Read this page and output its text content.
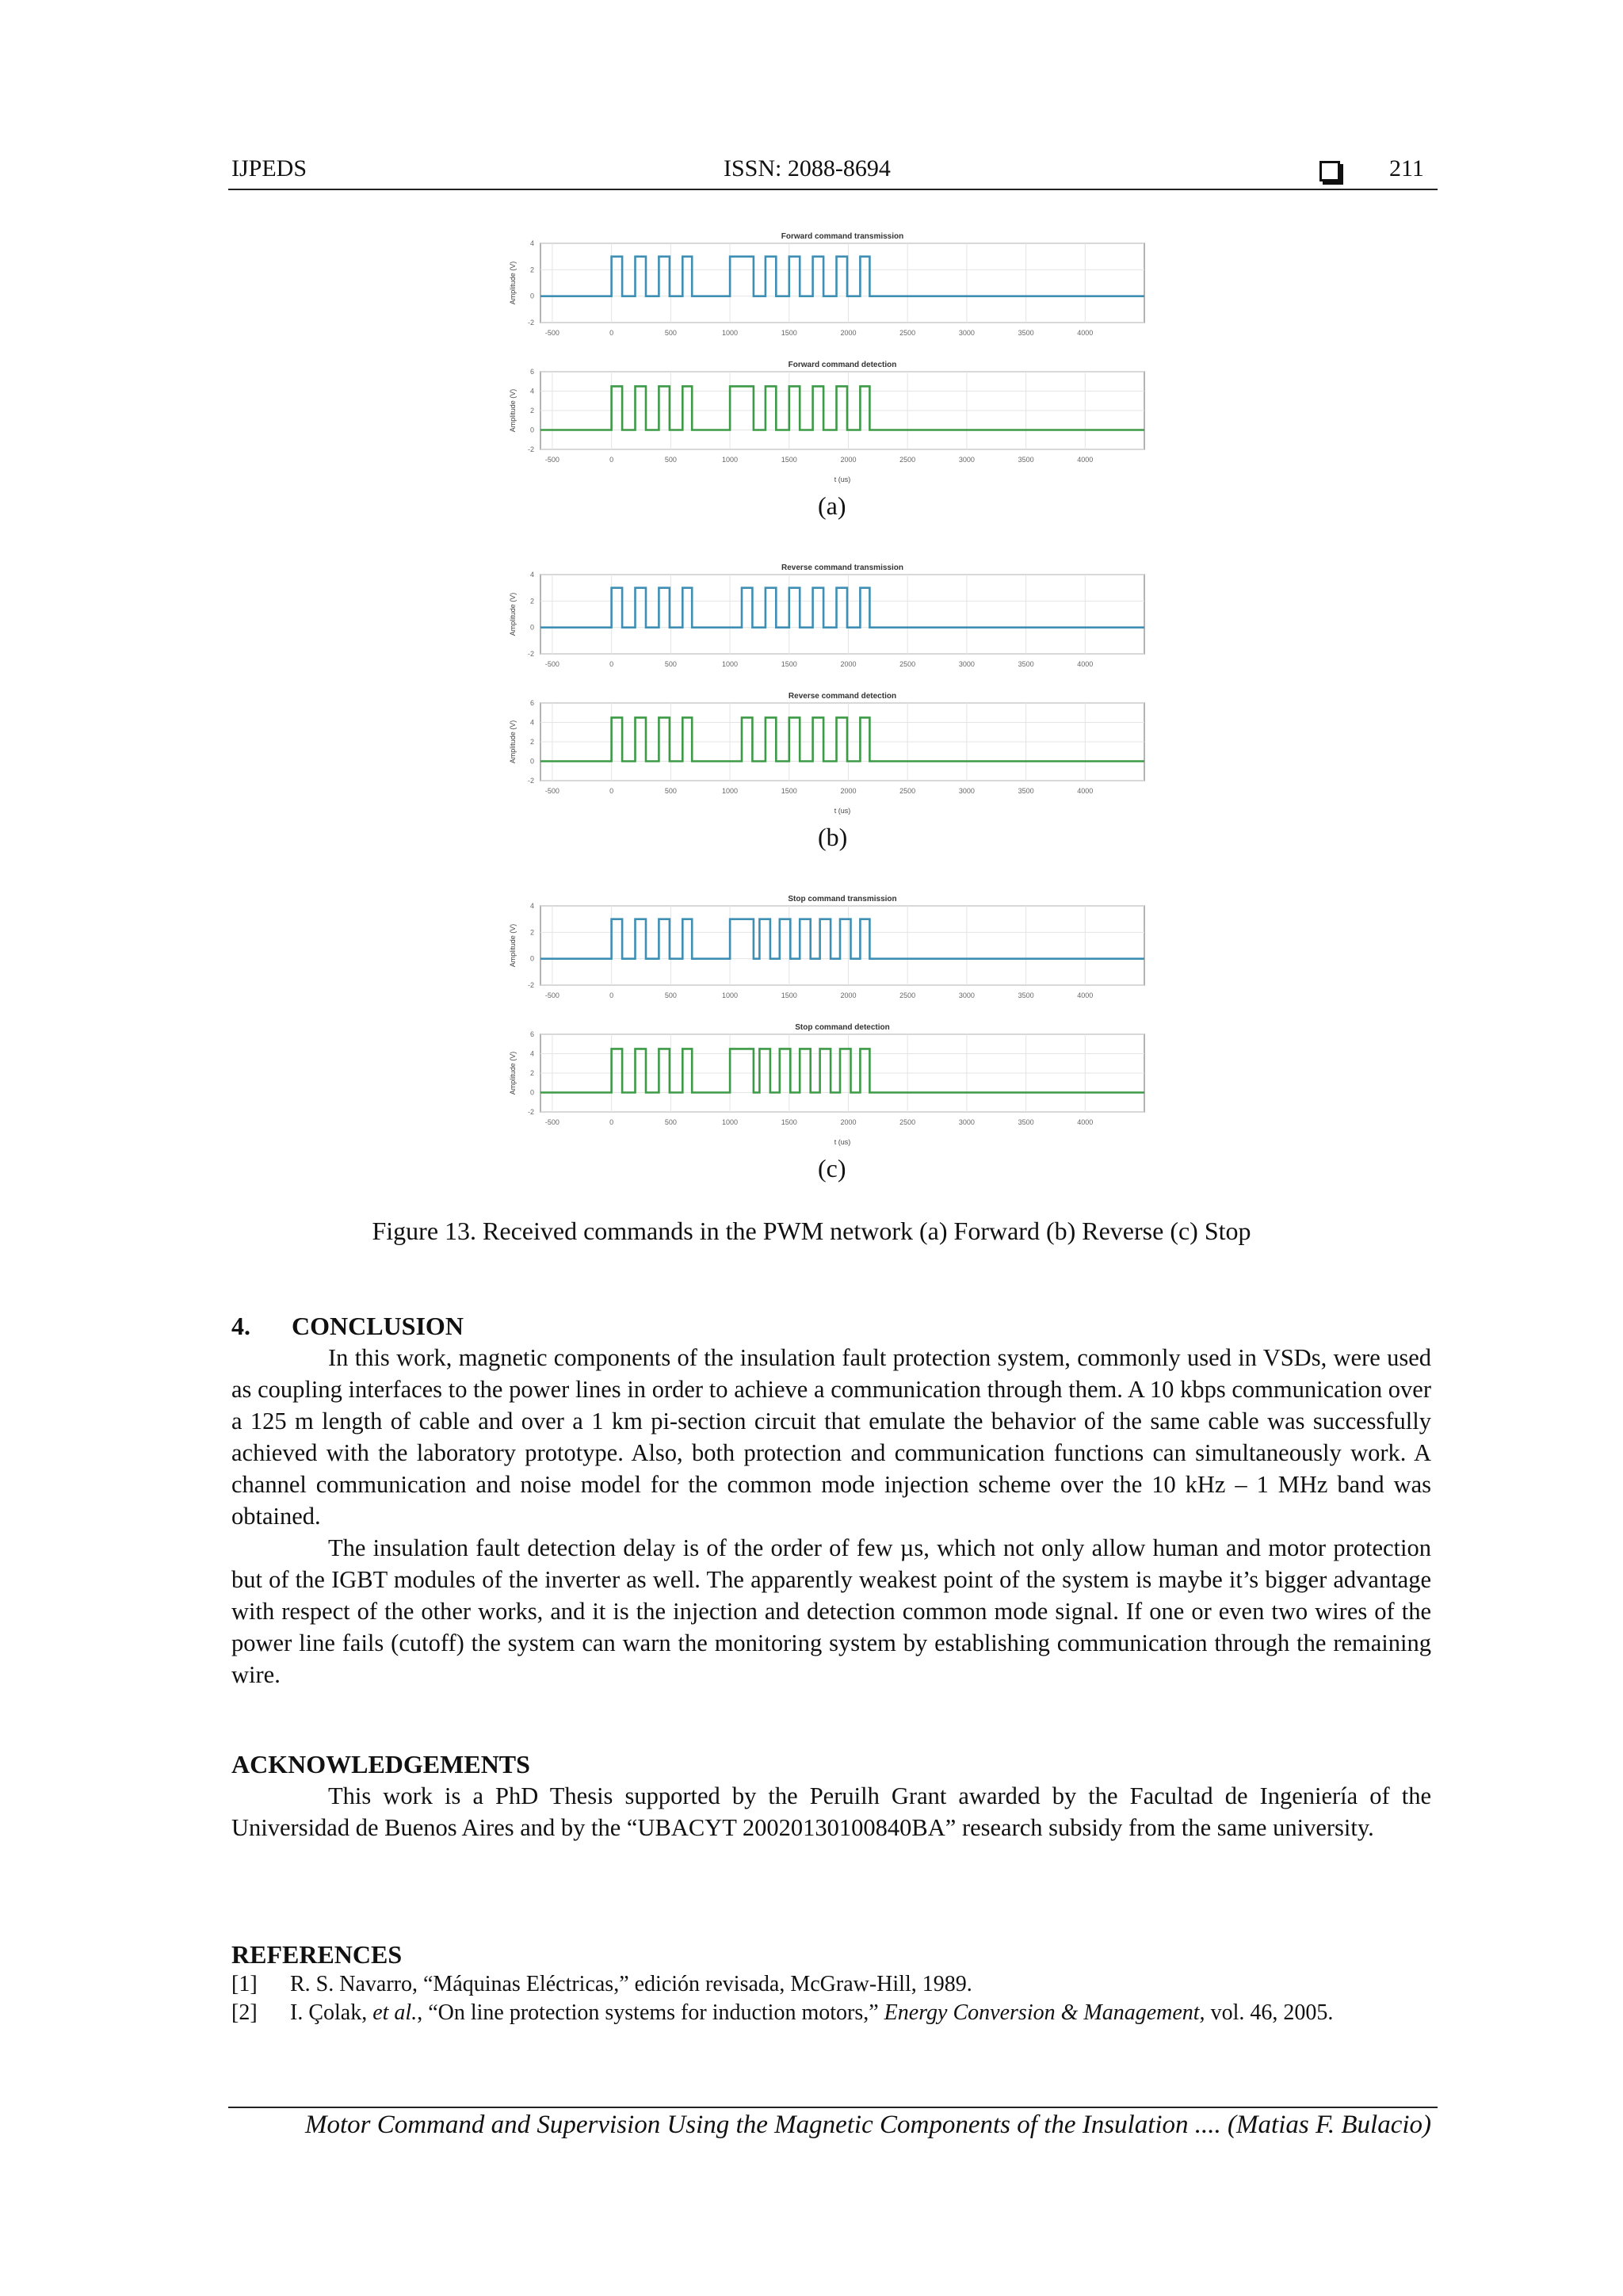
IJPEDS	ISSN: 2088-8694	211
-500	0	500	1000	1500	2000	2500	3000	3500	4000
4
2
0
-2
Forward command transmission
Amplitude (V)
-500	0	500	1000	1500	2000	2500	3000	3500	4000
6
4
2
0
-2
Forward command detection
Amplitude (V)
t (us)
(a)
-500	0	500	1000	1500	2000	2500	3000	3500	4000
4
2
0
-2
Reverse command transmission
Amplitude (V)
-500	0	500	1000	1500	2000	2500	3000	3500	4000
6
4
2
0
-2
Reverse command detection
Amplitude (V)
t (us)
(b)
-500	0	500	1000	1500	2000	2500	3000	3500	4000
4
2
0
-2
Stop command transmission
Amplitude (V)
-500	0	500	1000	1500	2000	2500	3000	3500	4000
6
4
2
0
-2
Stop command detection
Amplitude (V)
t (us)
(c)
Figure 13. Received commands in the PWM network (a) Forward (b) Reverse (c) Stop
4. CONCLUSION

In this work, magnetic components of the insulation fault protection system, commonly used in VSDs, were used as coupling interfaces to the power lines in order to achieve a communication through them. A 10 kbps communication over a 125 m length of cable and over a 1 km pi-section circuit that emulate the behavior of the same cable was successfully achieved with the laboratory prototype. Also, both protection and communication functions can simultaneously work. A channel communication and noise model for the common mode injection scheme over the 10 kHz – 1 MHz band was obtained.

The insulation fault detection delay is of the order of few µs, which not only allow human and motor protection but of the IGBT modules of the inverter as well. The apparently weakest point of the system is maybe it’s bigger advantage with respect of the other works, and it is the injection and detection common mode signal. If one or even two wires of the power line fails (cutoff) the system can warn the monitoring system by establishing communication through the remaining wire.

ACKNOWLEDGEMENTS

This work is a PhD Thesis supported by the Peruilh Grant awarded by the Facultad de Ingeniería of the Universidad de Buenos Aires and by the “UBACYT 20020130100840BA” research subsidy from the same university.

REFERENCES
[1] R. S. Navarro, “Máquinas Eléctricas,” edición revisada, McGraw-Hill, 1989.
[2] I. Çolak, et al., “On line protection systems for induction motors,” Energy Conversion & Management, vol. 46, 2005.
Motor Command and Supervision Using the Magnetic Components of the Insulation .... (Matias F. Bulacio)
